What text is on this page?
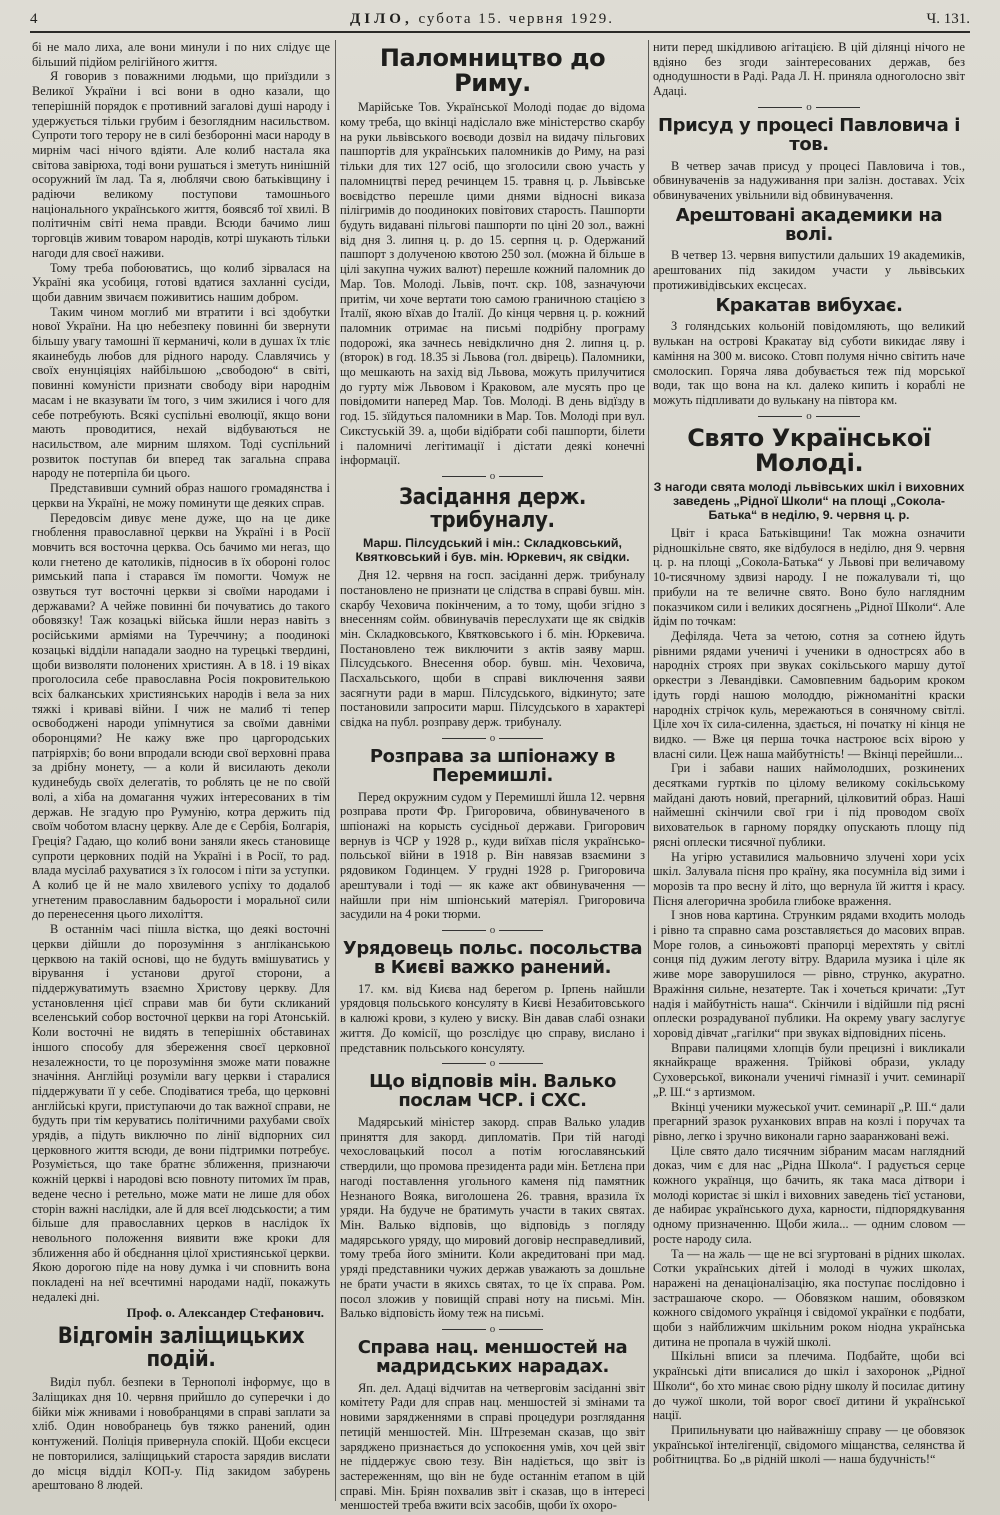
4	ДІЛО, субота 15. червня 1929.	Ч. 131.

бі не мало лиха, але вони минули і по них слідує ще більший підйом релігійного життя.

Я говорив з поважними людьми, що приїздили з Великої України і всі вони в одно казали, що теперішній порядок є противний загалові душі народу і удержується тільки грубим і безоглядним насильством. Супроти того терору не в силі безборонні маси народу в мирнім часі нічого вдіяти. Але колиб настала яка світова завірюха, тоді вони рушаться і зметуть нинішній осоружний їм лад. Та я, люблячи свою батьківщину і радіючи великому поступови тамошнього національного українського життя, боявсяб тої хвилі. В політичнім світі нема правди. Всюди бачимо лиш торговців живим товаром народів, котрі шукають тільки нагоди для своєї наживи.

Тому треба побоюватись, що колиб зірвалася на Україні яка усобиця, готові вдатися захланні сусіди, щоби давним звичаєм поживитись нашим добром.

Таким чином моглиб ми втратити і всі здобутки нової України. На цю небезпеку повинні би звернути більшу увагу тамошні її керманичі, коли в душах їх тліє якаинебудь любов для рідного народу. Славлячись у своїх енунціяціях найбільшою „свободою“ в світі, повинні комуністи признати свободу віри народнім масам і не вказувати їм того, з чим зжилися і чого для себе потребують. Всякі суспільні еволюції, якщо вони мають проводитися, нехай відбуваються не насильством, але мирним шляхом. Тоді суспільний розвиток поступав би вперед так загальна справа народу не потерпіла би цього.

Представивши сумний образ нашого громадянства і церкви на Україні, не можу поминути ще деяких справ.

Передовсім дивує мене дуже, що на це дике гноблення православної церкви на Україні і в Росії мовчить вся восточна церква. Ось бачимо ми неraз, що коли гнетено де католиків, підносив в їх обороні голос римський папа і старався їм помогти. Чомуж не озвуться тут восточні церкви зі своїми народами і державами? А чейже повинні би почуватись до такого обовязку! Тaж козацькі війська йшли нераз навіть з російськими арміями на Туреччину; а поодинокі козацькі відділи нападали заодно на турецькі твердині, щоби визволяти полонених християн. А в 18. і 19 віках проголосила себе православна Росія покровителькою всіх балканських християнських народів і вела за них тяжкі і криваві війни. І чиж не малиб ті тепер освободжені народи упімнутися за своїми давніми оборонцями? Не кажу вже про царгородських патріярхів; бо вони впродали всюди свої верховні права за дрібну монету, — а коли й висилають деколи кудинебудь своїх делегатів, то роблять це не по своїй волі, а хіба на домагання чужих інтересованих в тім держав. Не згадую про Румунію, котра держить під своїм чоботом власну церкву. Але де є Сербія, Болгарія, Греція? Гадаю, що колиб вони заняли якесь становище супроти церковних подій на Україні і в Росії, то рад. влада мусілаб рахуватися з їх голосом і піти за уступки. А колиб це й не мало хвилевого успіху то додалоб угнетеним православним бадьорости і моральної сили до перенесення цього лихоліття.

В останнім часі пішла вістка, що деякі восточні церкви дійшли до порозуміння з англіканською церквою на такій основі, що не будуть вмішуватись у вірування і установи другої сторони, а піддержуватимуть взаємно Христову церкву. Для установлення цієї справи мав би бути скликаний вселенський собор восточної церкви на горі Атонській. Коли восточні не видять в теперішніх обставинах іншого способу для збереження своєї церковної незалежности, то це порозуміння зможе мати поважне значіння. Англійці розуміли вагу церкви і старалися піддержувати її у себе. Сподіватися треба, що церковні англійські круги, приступаючи до так важної справи, не будуть при тім керуватись політичними рахубами своїх урядів, а підуть виключно по лінії відпорних сил церковного життя всюди, де вони підтримки потребує. Розуміється, що таке братнє зближення, признаючи кожній церкві і народові всю повноту питомих їм прав, ведене чесно і ретельно, може мати не лише для обох сторін важні наслідки, але й для всеї людськости; а тим більше для православних церков в наслідок їх невольного положення виявити вже кроки для зближення або й обєднання цілої християнської церкви. Якою дорогою піде на нову думка і чи сповнить вона покладені на неї всечтимні народами надії, покажуть недалекі дні.

Проф. о. Александер Стефанович.
Відгомін заліщицьких подій.

Виділ публ. безпеки в Тернополі інформує, що в Заліщиках дня 10. червня прийшло до суперечки і до бійки між жнивами і новобранцями в справі заплати за хліб. Один новобранець був тяжко ранений, один контужений. Поліція привернула спокій. Щоби ексцеси не повторилися, заліщицький староста зарядив вислати до місця відділ КОП-у. Під закидом забурень арештовано 8 людей.

Паломництво до Риму.

Марійське Тов. Української Молоді подає до відома кому треба, що вкінці надіслало вже міністерство скарбу на руки львівського воєводи дозвіл на видачу пільгових пашпортів для українських паломників до Риму, на разі тільки для тих 127 осіб, що зголосили свою участь у паломництві перед речинцем 15. травня ц. р. Львівське воєвідство перешле цими днями відносні виказа пілігримів до поодиноких повітових старость. Пашпорти будуть видавані пільгові пашпорти по ціні 20 зол., важні від дня 3. липня ц. р. до 15. серпня ц. р. Одержаний пашпорт з долученою квотою 250 зол. (можна й більше в цілі закупна чужих валют) перешле кожний паломник до Мар. Тов. Молоді. Львів, почт. скр. 108, зазначуючи притім, чи хоче вертати тою самою граничною стацією з Італії, якою вїхав до Італії. До кінця червня ц. р. кожний паломник отримає на письмі подрібну програму подорожі, яка зачнесь невідклично дня 2. липня ц. р. (второк) в год. 18.35 зі Львова (гол. двірець). Паломники, що мешкають на захід від Львова, можуть прилучитися до гурту між Львовом і Краковом, але мусять про це повідомити наперед Мар. Тов. Молоді. В день відїзду в год. 15. зїйдуться паломники в Мар. Тов. Молоді при вул. Сикстуській 39. а, щоби відібрати собі пашпорти, білети і паломничі легітимації і дістати деякі конечні інформації.

o
Засідання держ. трибуналу.
Марш. Пілсудський і мін.: Складковський, Квятковський і був. мін. Юркевич, як свідки.

Дня 12. червня на госп. засіданні держ. трибуналу постановлено не признати це слідства в справі бувш. мін. скарбу Чеховича покінченим, а то тому, щоби згідно з внесенням сойм. обвинувачів переслухати ще як свідків мін. Складковського, Квятковського і б. мін. Юркевича. Постановлено теж виключити з актів заяву марш. Пілсудського. Внесення обор. бувш. мін. Чеховича, Пасхальського, щоби в справі виключення заяви засягнути ради в марш. Пілсудського, відкинуто; зате постановили запросити марш. Пілсудського в характері свідка на публ. розправу держ. трибуналу.

o
Розправа за шпіонажу в Перемишлі.

Перед окружним судом у Перемишлі йшла 12. червня розправа проти Фр. Григоровича, обвинуваченого в шпіонажі на корысть сусідньої держави. Григорович вернув із ЧСР у 1928 р., куди виїхав після українсько-польської війни в 1918 р. Він навязав взаємини з рядовиком Годинцем. У грудні 1928 р. Григоровича арештували і тоді — як каже акт обвинувачення — найшли при нім шпіонський матеріял. Григоровича засудили на 4 роки тюрми.

o
Урядовець польс. посольства в Києві важко ранений.

17. км. від Києва над берегом р. Ірпень найшли урядовця польського консуляту в Києві Незабитовського в калюжі крови, з кулею у виску. Він давав слабі ознаки життя. До комісії, що розслідує цю справу, вислано і представник польського консуляту.

o
Що відповів мін. Валько послам ЧСР. і СХС.

Мадярський міністер закорд. справ Валько уладив приняття для закорд. дипломатів. При тій нагоді чехословацький посол а потім югославянський ствердили, що промова президента ради мін. Бетлєна при нагоді поставлення угольного каменя під памятник Незнаного Вояка, виголошена 26. травня, вразила їх уряди. На будуче не братимуть участи в таких святах. Мін. Валько відповів, що відповідь з погляду мадярського уряду, що мировий договір несправедливий, тому треба його змінити. Коли акредитовані при мад. уряді представники чужих держав уважають за дошльне не брати участи в якихсь святах, то це їх справа. Ром. посол зложив у повищій справі ноту на письмі. Мін. Валько відповість йому теж на письмі.

o
Справа нац. меншостей на мадридських нарадах.

Яп. дел. Адаці відчитав на четверговім засіданні звіт комітету Ради для справ нац. меншостей зі змінами та новими зарядженнями в справі процедури розглядання петицій меншостей. Мін. Штреземан сказав, що звіт заряджено признається до успокоєння умів, хоч цей звіт не піддержує свою тезу. Він надіється, що звіт із застереженням, що він не буде останнім етапом в цій справі. Мін. Бріян похвалив звіт і сказав, що в інтересі меншостей треба вжити всіх засобів, щоби їх охоро-

нити перед шкідливою агітацією. В цій ділянці нічого не вдіяно без згоди заінтересованих держав, без однодушности в Раді. Рада Л. Н. приняла одноголосно звіт Адаці.

o
Присуд у процесі Павловича і тов.

В четвер зачав присуд у процесі Павловича і тов., обвинуваченів за надуживання при залізн. доставах. Усіх обвинувачених увільнили від обвинувачення.

Арештовані академики на волі.

В четвер 13. червня випустили дальших 19 академиків, арештованих під закидом участи у львівських протиживідівських ексцесах.

Кракатав вибухає.

З голяндських кольоній повідомляють, що великий вулькан на острові Кракатау від суботи викидає ляву і каміння на 300 м. високо. Стовп полумя нічно світить наче смолоскип. Горяча лява добувається теж під морської води, так що вона на кл. далеко кипить і кораблі не можуть підпливати до вулькану на півтора км.

o
Свято Української Молоді.
З нагоди свята молоді львівських шкіл і виховних заведень „Рідної Школи“ на площі „Сокола-Батька“ в неділю, 9. червня ц. р.

Цвіт і краса Батьківщини! Так можна означити рідношкільне свято, яке відбулося в неділю, дня 9. червня ц. р. на площі „Сокола-Батька“ у Львові при величавому 10-тисячному здвизі народу. І не пожалували ті, що прибули на те величне свято. Воно було наглядним показчиком сили і великих досягнень „Рідної Школи“. Але йдім по точкам:

Дефіляда. Чета за четою, сотня за сотнею йдуть рівними рядами ученичі і ученики в однострсях або в народніх строях при звуках сокільського маршу дутої оркестри з Левандівки. Самовпевним бадьорим кроком ідуть горді нашою молоддю, ріжноманітні краски народніх стрічок куль, мережаються в сонячному світлі. Ціле хоч їх сила-силенна, здається, ні початку ні кінця не видко. — Вже ця перша точка настроює всіх вірою у власні сили. Цеж наша майбутність! — Вкінці перейшли...

Гри і забави наших наймолодших, розкинених десятками гуртків по цілому великому сокільському майдані дають новий, прегарний, цілковитий образ. Наші наймешні скінчили свої гри і під проводом своїх виховательок в гарному порядку опускають площу під рясні оплески тисячної публики.

На угірю уставилися мальовничо злучені хори усіх шкіл. Залувала пісня про країну, яка посумніла від зими і морозів та про весну й літо, що вернула їй життя і красу. Пісня алегорична зробила глибоке враження.

І знов нова картина. Струнким рядами входить молодь і рівно та справно сама розставляється до масових вправ. Море голов, а синьожовті прапорці мерехтять у світлі сонця під дужим леготу вітру. Вдарила музика і ціле як живе море заворушилося — рівно, струнко, акуратно. Вражіння сильне, незатерте. Так і хочеться кричати: „Тут надія і майбутність наша“. Скінчили і відійшли під рясні оплески розрадуваної публики. На окрему увагу заслугує хоровід дівчат „гагілки“ при звуках відповідних пісень.

Вправи палицями хлопців були прецизні і викликали якнайкраще враження. Трійкові образи, укладу Суховерської, виконали ученичі гімназії і учит. семинарії „Р. Ш.“ з артизмом.

Вкінці ученики мужеської учит. семинарії „Р. Ш.“ дали прегарний зразок руханкових вправ на козлі і поручах та рівно, легко і зручно виконали гарно зааранжовані вежі.

Ціле свято дало тисячним зібраним масам наглядний доказ, чим є для нас „Рідна Школа“. І радується серце кожного українця, що бачить, як така маса дітвори і молоді користає зі шкіл і виховних заведень тієї установи, де набирає українського духа, карности, підпорядкування одному призначенню. Щоби жила... — одним словом — росте народу сила.

Та — на жаль — ще не всі згуртовані в рідних школах. Сотки українських дітей і молоді в чужих школах, наражені на денаціоналізацію, яка поступає послідовно і застрашаюче скоро. — Обовязком нашим, обовязком кожного свідомого українця і свідомої українки є подбати, щоби з найближчим шкільним роком ніодна українська дитина не пропала в чужій школі.

Шкільні вписи за плечима. Подбайте, щоби всі українські діти вписалися до шкіл і захоронок „Рідної Школи“, бо хто минає свою рідну школу й посилає дитину до чужої школи, той ворог своєї дитини й української нації.

Припильнувати цю найважнішу справу — це обовязок української інтелігенції, свідомого міщанства, селянства й робітництва. Бо „в рідній школі — наша будучність!“
